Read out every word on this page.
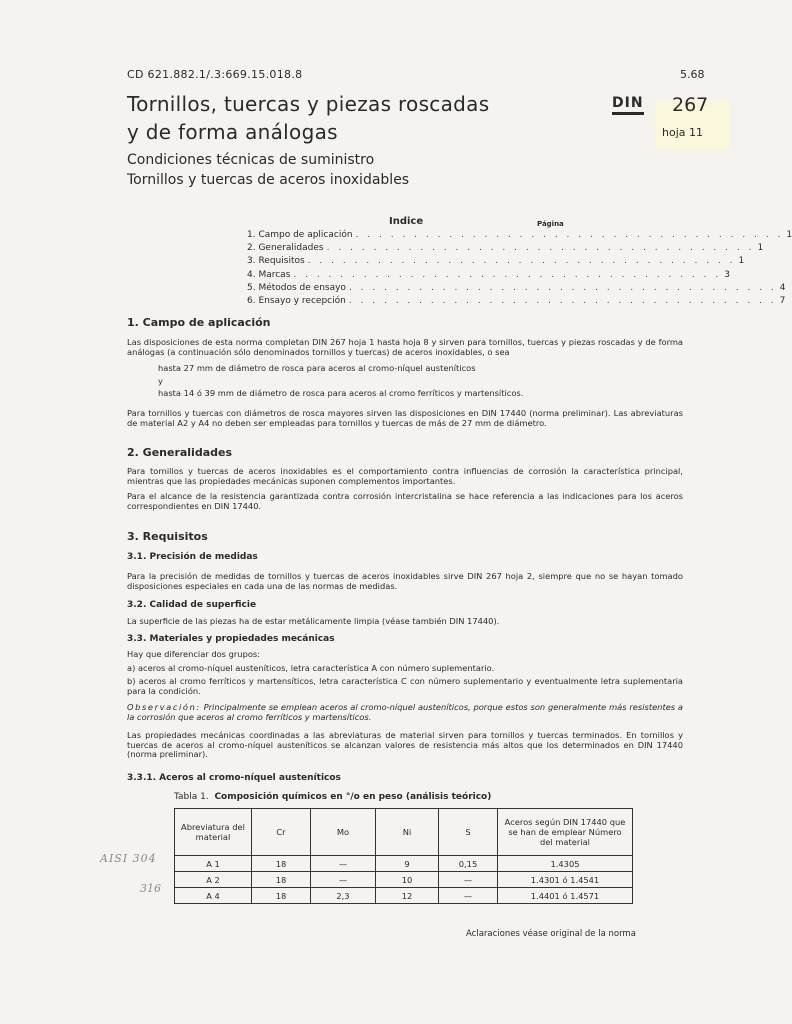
CD 621.882.1/.3:669.15.018.8	5.68
Tornillos, tuercas y piezas roscadas
y de forma análogas
Condiciones técnicas de suministro
Tornillos y tuercas de aceros inoxidables
DIN 267
hoja 11
Indice	Página
1. Campo de aplicación . . . . . . . . . . . . . . . . . . . . . . . . . . . . . . . . . . . . . 1
2. Generalidades . . . . . . . . . . . . . . . . . . . . . . . . . . . . . . . . . . . . . 1
3. Requisitos . . . . . . . . . . . . . . . . . . . . . . . . . . . . . . . . . . . . . 1
4. Marcas . . . . . . . . . . . . . . . . . . . . . . . . . . . . . . . . . . . . . 3
5. Métodos de ensayo . . . . . . . . . . . . . . . . . . . . . . . . . . . . . . . . . . . . . 4
6. Ensayo y recepción . . . . . . . . . . . . . . . . . . . . . . . . . . . . . . . . . . . . . 7
1. Campo de aplicación
Las disposiciones de esta norma completan DIN 267 hoja 1 hasta hoja 8 y sirven para tornillos, tuercas y piezas roscadas y de forma análogas (a continuación sólo denominados tornillos y tuercas) de aceros inoxidables, o sea
hasta 27 mm de diámetro de rosca para aceros al cromo-níquel austeníticos
y
hasta 14 ó 39 mm de diámetro de rosca para aceros al cromo ferríticos y martensíticos.
Para tornillos y tuercas con diámetros de rosca mayores sirven las disposiciones en DIN 17440 (norma preliminar). Las abreviaturas de material A2 y A4 no deben ser empleadas para tornillos y tuercas de más de 27 mm de diámetro.
2. Generalidades
Para tornillos y tuercas de aceros inoxidables es el comportamiento contra influencias de corrosión la característica principal, mientras que las propiedades mecánicas suponen complementos importantes.
Para el alcance de la resistencia garantizada contra corrosión intercristalina se hace referencia a las indicaciones para los aceros correspondientes en DIN 17440.
3. Requisitos
3.1. Precisión de medidas
Para la precisión de medidas de tornillos y tuercas de aceros inoxidables sirve DIN 267 hoja 2, siempre que no se hayan tomado disposiciones especiales en cada una de las normas de medidas.
3.2. Calidad de superficie
La superficie de las piezas ha de estar metálicamente limpia (véase también DIN 17440).
3.3. Materiales y propiedades mecánicas
Hay que diferenciar dos grupos:
a) aceros al cromo-níquel austeníticos, letra característica A con número suplementario.
b) aceros al cromo ferríticos y martensíticos, letra característica C con número suplementario y eventualmente letra suplementaria para la condición.
Observación: Principalmente se emplean aceros al cromo-níquel austeníticos, porque estos son generalmente más resistentes a la corrosión que aceros al cromo ferríticos y martensíticos.
Las propiedades mecánicas coordinadas a las abreviaturas de material sirven para tornillos y tuercas terminados. En tornillos y tuercas de aceros al cromo-níquel austeníticos se alcanzan valores de resistencia más altos que los determinados en DIN 17440 (norma preliminar).
3.3.1. Aceros al cromo-níquel austeníticos
Tabla 1. Composición químicos en °/o en peso (análisis teórico)
Abreviatura del material	Cr	Mo	Ni	S	Aceros según DIN 17440 que se han de emplear Número del material
A 1	18	—	9	0,15	1.4305
A 2	18	—	10	—	1.4301 ó 1.4541
A 4	18	2,3	12	—	1.4401 ó 1.4571
AISI 304
316
Aclaraciones véase original de la norma
